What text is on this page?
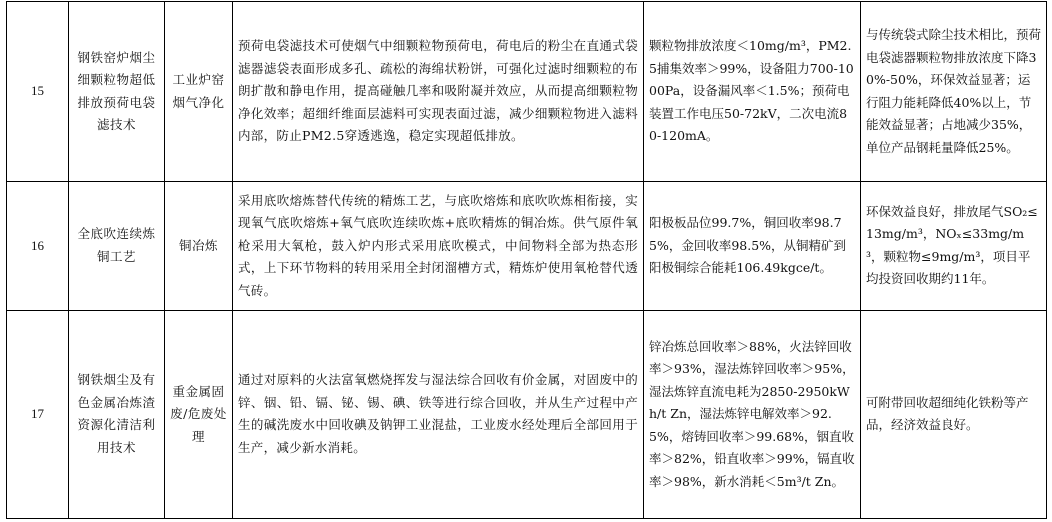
15	钢铁窑炉烟尘细颗粒物超低排放预荷电袋滤技术	工业炉窑烟气净化	预荷电袋滤技术可使烟气中细颗粒物预荷电，荷电后的粉尘在直通式袋滤器滤袋表面形成多孔、疏松的海绵状粉饼，可强化过滤时细颗粒的布朗扩散和静电作用，提高碰触几率和吸附凝并效应，从而提高细颗粒物净化效率；超细纤维面层滤料可实现表面过滤，减少细颗粒物进入滤料内部，防止PM2.5穿透逃逸，稳定实现超低排放。	颗粒物排放浓度＜10mg/m³，PM2.5捕集效率＞99%，设备阻力700-1000Pa，设备漏风率＜1.5%；预荷电装置工作电压50-72kV，二次电流80-120mA。	与传统袋式除尘技术相比，预荷电袋滤器颗粒物排放浓度下降30%-50%，环保效益显著；运行阻力能耗降低40%以上，节能效益显著；占地减少35%，单位产品钢耗量降低25%。

16	全底吹连续炼铜工艺	铜冶炼	采用底吹熔炼替代传统的精炼工艺，与底吹熔炼和底吹吹炼相衔接，实现氧气底吹熔炼+氧气底吹连续吹炼+底吹精炼的铜冶炼。供气原件氧枪采用大氧枪，鼓入炉内形式采用底吹模式，中间物料全部为热态形式，上下环节物料的转用采用全封闭溜槽方式，精炼炉使用氧枪替代透气砖。	阳极板品位99.7%，铜回收率98.75%，金回收率98.5%，从铜精矿到阳极铜综合能耗106.49kgce/t。	环保效益良好，排放尾气SO₂≤13mg/m³，NOₓ≤33mg/m³，颗粒物≤9mg/m³，项目平均投资回收期约11年。

17	钢铁烟尘及有色金属冶炼渣资源化清洁利用技术	重金属固废/危废处理	通过对原料的火法富氧燃烧挥发与湿法综合回收有价金属，对固废中的锌、铟、铅、镉、铋、锡、碘、铁等进行综合回收，并从生产过程中产生的碱洗废水中回收碘及钠钾工业混盐，工业废水经处理后全部回用于生产，减少新水消耗。	锌冶炼总回收率＞88%，火法锌回收率＞93%，湿法炼锌回收率＞95%，湿法炼锌直流电耗为2850-2950kWh/t Zn，湿法炼锌电解效率＞92.5%，熔铸回收率＞99.68%，铟直收率＞82%，铅直收率＞99%，镉直收率＞98%，新水消耗＜5m³/t Zn。	可附带回收超细纯化铁粉等产品，经济效益良好。
